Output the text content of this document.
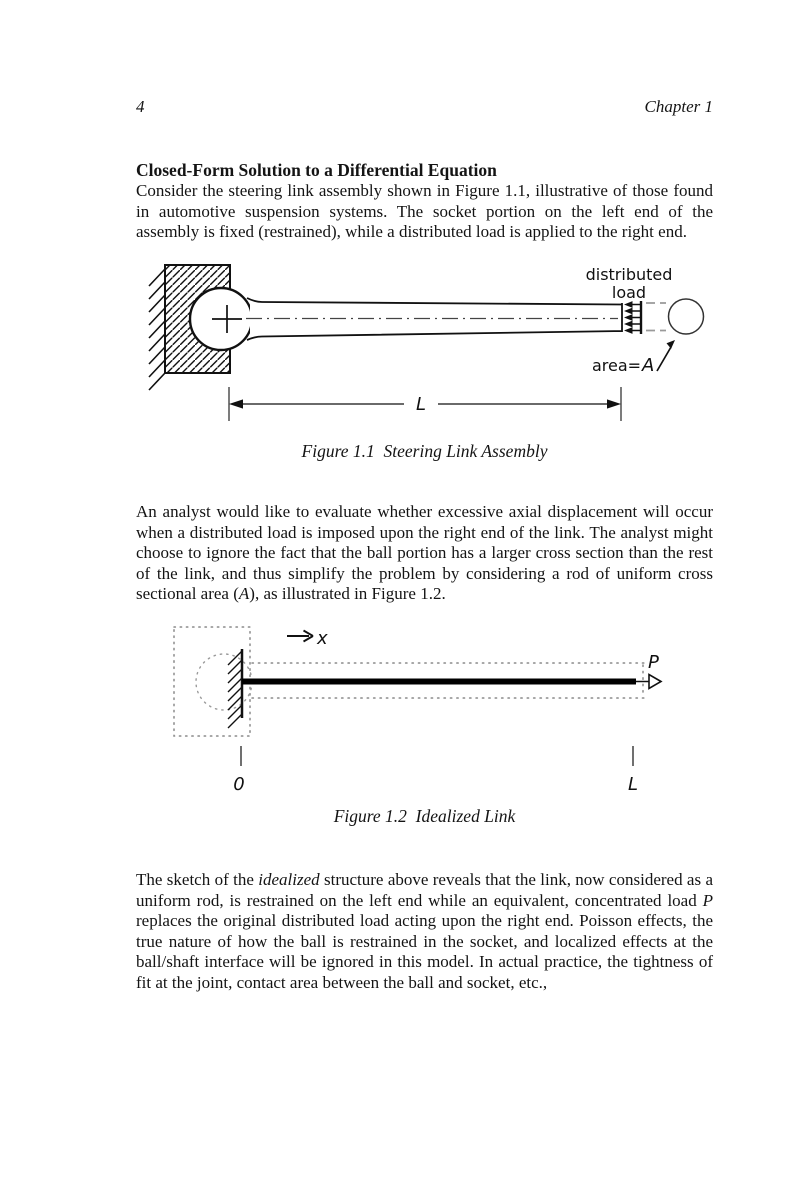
4	Chapter 1
Closed-Form Solution to a Differential Equation
Consider the steering link assembly shown in Figure 1.1, illustrative of those found in automotive suspension systems. The socket portion on the left end of the assembly is fixed (restrained), while a distributed load is applied to the right end.
distributed
load
area= A
L
Figure 1.1  Steering Link Assembly
An analyst would like to evaluate whether excessive axial displacement will occur when a distributed load is imposed upon the right end of the link. The analyst might choose to ignore the fact that the ball portion has a larger cross section than the rest of the link, and thus simplify the problem by considering a rod of uniform cross sectional area (A), as illustrated in Figure 1.2.
x
P
0	L
Figure 1.2  Idealized Link
The sketch of the idealized structure above reveals that the link, now considered as a uniform rod, is restrained on the left end while an equivalent, concentrated load P replaces the original distributed load acting upon the right end. Poisson effects, the true nature of how the ball is restrained in the socket, and localized effects at the ball/shaft interface will be ignored in this model. In actual practice, the tightness of fit at the joint, contact area between the ball and socket, etc.,
